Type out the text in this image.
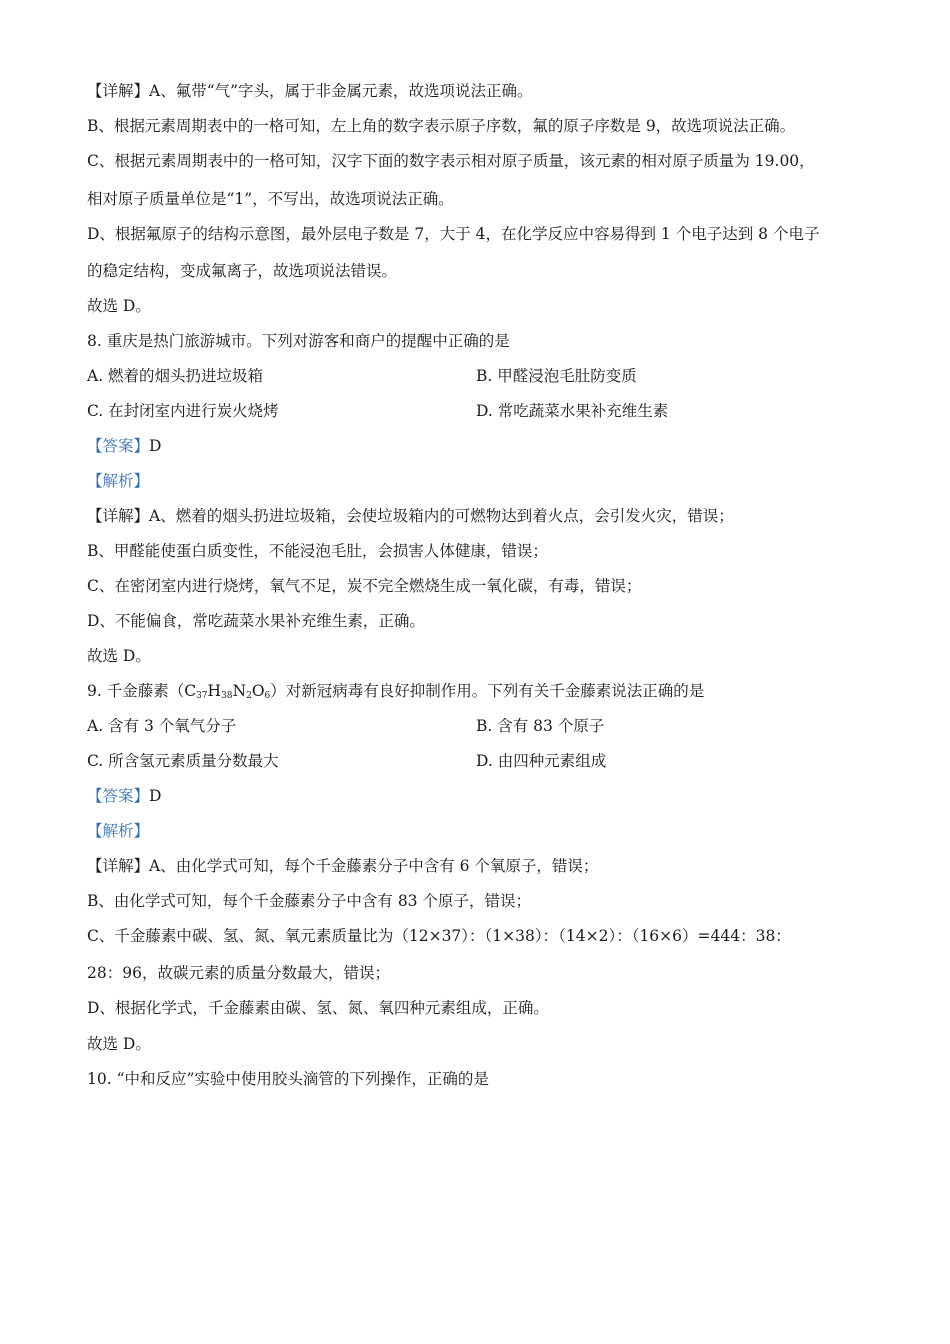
【详解】A、氟带“气”字头，属于非金属元素，故选项说法正确。
B、根据元素周期表中的一格可知，左上角的数字表示原子序数，氟的原子序数是 9，故选项说法正确。
C、根据元素周期表中的一格可知，汉字下面的数字表示相对原子质量，该元素的相对原子质量为 19.00，
相对原子质量单位是“1”，不写出，故选项说法正确。
D、根据氟原子的结构示意图，最外层电子数是 7，大于 4，在化学反应中容易得到 1 个电子达到 8 个电子
的稳定结构，变成氟离子，故选项说法错误。
故选 D。
8. 重庆是热门旅游城市。下列对游客和商户的提醒中正确的是
A. 燃着的烟头扔进垃圾箱	B. 甲醛浸泡毛肚防变质
C. 在封闭室内进行炭火烧烤	D. 常吃蔬菜水果补充维生素
【答案】D
【解析】
【详解】A、燃着的烟头扔进垃圾箱，会使垃圾箱内的可燃物达到着火点，会引发火灾，错误；
B、甲醛能使蛋白质变性，不能浸泡毛肚，会损害人体健康，错误；
C、在密闭室内进行烧烤，氧气不足，炭不完全燃烧生成一氧化碳，有毒，错误；
D、不能偏食，常吃蔬菜水果补充维生素，正确。
故选 D。
9. 千金藤素$(C_{37}H_{38}N_2O_6)$对新冠病毒有良好抑制作用。下列有关千金藤素说法正确的是
A. 含有 3 个氧气分子	B. 含有 83 个原子
C. 所含氢元素质量分数最大	D. 由四种元素组成
【答案】D
【解析】
【详解】A、由化学式可知，每个千金藤素分子中含有 6 个氧原子，错误；
B、由化学式可知，每个千金藤素分子中含有 83 个原子，错误；
C、千金藤素中碳、氢、氮、氧元素质量比为（12×37）：（1×38）：（14×2）：（16×6）=444：38：
28：96，故碳元素的质量分数最大，错误；
D、根据化学式，千金藤素由碳、氢、氮、氧四种元素组成，正确。
故选 D。
10. “中和反应”实验中使用胶头滴管的下列操作，正确的是
